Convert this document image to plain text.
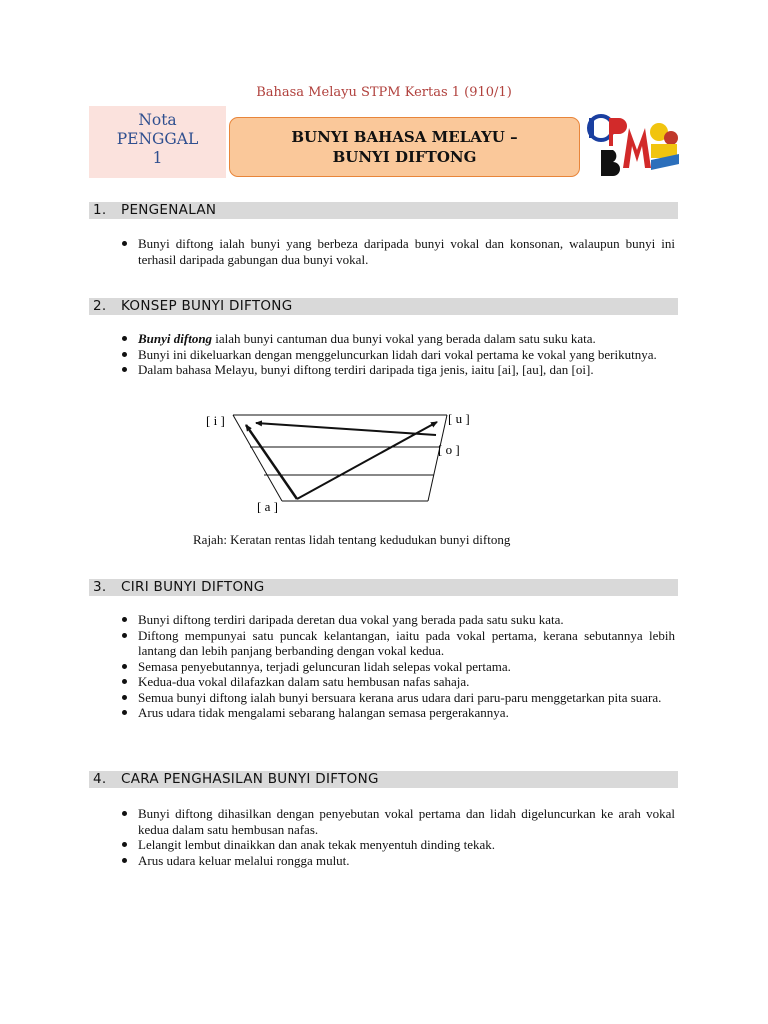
Bahasa Melayu STPM Kertas 1 (910/1)
Nota
PENGGAL
1
BUNYI BAHASA MELAYU –
BUNYI DIFTONG
1. PENGENALAN
Bunyi diftong ialah bunyi yang berbeza daripada bunyi vokal dan konsonan, walaupun bunyi ini terhasil daripada gabungan dua bunyi vokal.
2. KONSEP BUNYI DIFTONG
Bunyi diftong ialah bunyi cantuman dua bunyi vokal yang berada dalam satu suku kata.
Bunyi ini dikeluarkan dengan menggeluncurkan lidah dari vokal pertama ke vokal yang berikutnya.
Dalam bahasa Melayu, bunyi diftong terdiri daripada tiga jenis, iaitu [ai], [au], dan [oi].
[ i ]	[ u ]
[ o ]
[ a ]
Rajah: Keratan rentas lidah tentang kedudukan bunyi diftong
3. CIRI BUNYI DIFTONG
Bunyi diftong terdiri daripada deretan dua vokal yang berada pada satu suku kata.
Diftong mempunyai satu puncak kelantangan, iaitu pada vokal pertama, kerana sebutannya lebih lantang dan lebih panjang berbanding dengan vokal kedua.
Semasa penyebutannya, terjadi geluncuran lidah selepas vokal pertama.
Kedua-dua vokal dilafazkan dalam satu hembusan nafas sahaja.
Semua bunyi diftong ialah bunyi bersuara kerana arus udara dari paru-paru menggetarkan pita suara.
Arus udara tidak mengalami sebarang halangan semasa pergerakannya.
4. CARA PENGHASILAN BUNYI DIFTONG
Bunyi diftong dihasilkan dengan penyebutan vokal pertama dan lidah digeluncurkan ke arah vokal kedua dalam satu hembusan nafas.
Lelangit lembut dinaikkan dan anak tekak menyentuh dinding tekak.
Arus udara keluar melalui rongga mulut.
